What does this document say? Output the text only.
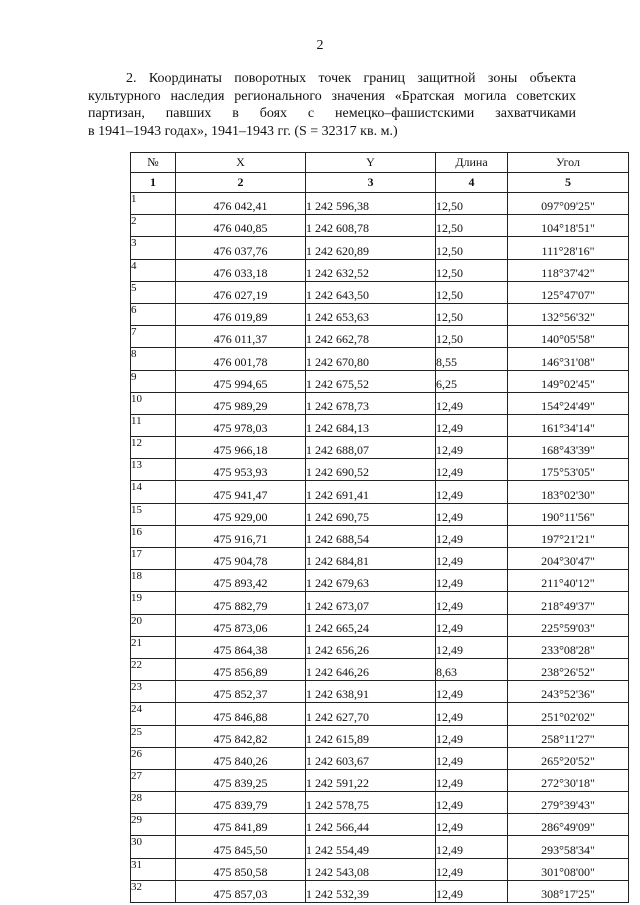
2
2. Координаты поворотных точек границ защитной зоны объекта
культурного наследия регионального значения «Братская могила советских
партизан, павших в боях с немецко–фашистскими захватчиками
в 1941–1943 годах», 1941–1943 гг. (S = 32317 кв. м.)
№	X	Y	Длина	Угол
1	2	3	4	5
1	476 042,41	1 242 596,38	12,50	097°09'25"
2	476 040,85	1 242 608,78	12,50	104°18'51"
3	476 037,76	1 242 620,89	12,50	111°28'16"
4	476 033,18	1 242 632,52	12,50	118°37'42"
5	476 027,19	1 242 643,50	12,50	125°47'07"
6	476 019,89	1 242 653,63	12,50	132°56'32"
7	476 011,37	1 242 662,78	12,50	140°05'58"
8	476 001,78	1 242 670,80	8,55	146°31'08"
9	475 994,65	1 242 675,52	6,25	149°02'45"
10	475 989,29	1 242 678,73	12,49	154°24'49"
11	475 978,03	1 242 684,13	12,49	161°34'14"
12	475 966,18	1 242 688,07	12,49	168°43'39"
13	475 953,93	1 242 690,52	12,49	175°53'05"
14	475 941,47	1 242 691,41	12,49	183°02'30"
15	475 929,00	1 242 690,75	12,49	190°11'56"
16	475 916,71	1 242 688,54	12,49	197°21'21"
17	475 904,78	1 242 684,81	12,49	204°30'47"
18	475 893,42	1 242 679,63	12,49	211°40'12"
19	475 882,79	1 242 673,07	12,49	218°49'37"
20	475 873,06	1 242 665,24	12,49	225°59'03"
21	475 864,38	1 242 656,26	12,49	233°08'28"
22	475 856,89	1 242 646,26	8,63	238°26'52"
23	475 852,37	1 242 638,91	12,49	243°52'36"
24	475 846,88	1 242 627,70	12,49	251°02'02"
25	475 842,82	1 242 615,89	12,49	258°11'27"
26	475 840,26	1 242 603,67	12,49	265°20'52"
27	475 839,25	1 242 591,22	12,49	272°30'18"
28	475 839,79	1 242 578,75	12,49	279°39'43"
29	475 841,89	1 242 566,44	12,49	286°49'09"
30	475 845,50	1 242 554,49	12,49	293°58'34"
31	475 850,58	1 242 543,08	12,49	301°08'00"
32	475 857,03	1 242 532,39	12,49	308°17'25"
